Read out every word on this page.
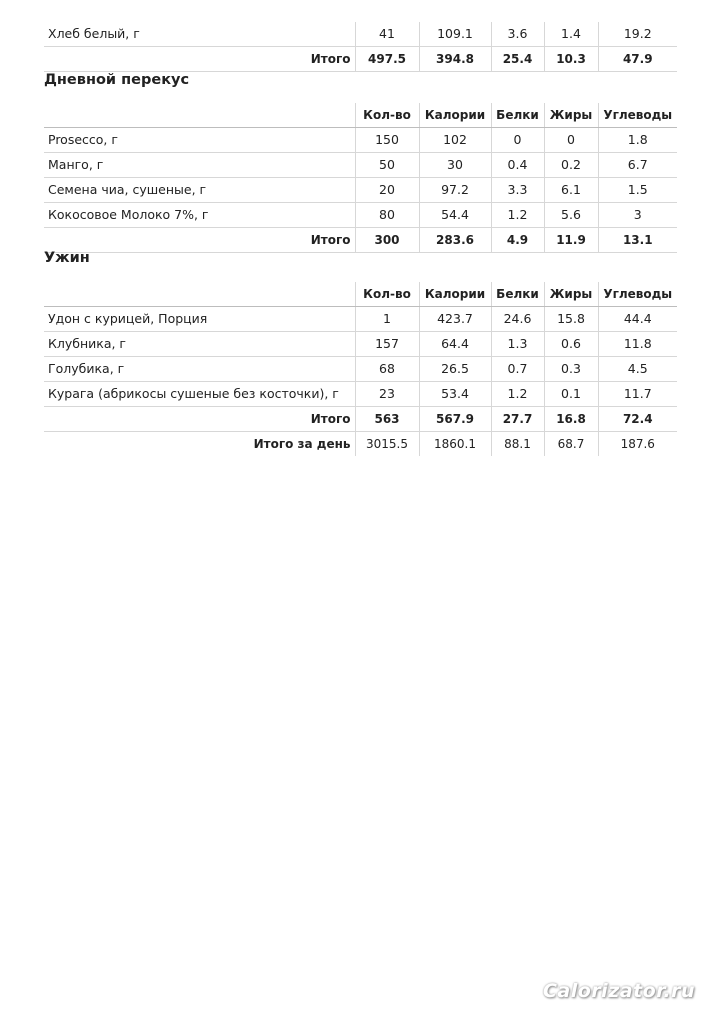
Хлеб белый, г	41	109.1	3.6	1.4	19.2
Итого	497.5	394.8	25.4	10.3	47.9
Дневной перекус
	Кол-во	Калории	Белки	Жиры	Углеводы
Prosecco, г	150	102	0	0	1.8
Манго, г	50	30	0.4	0.2	6.7
Семена чиа, сушеные, г	20	97.2	3.3	6.1	1.5
Кокосовое Молоко 7%, г	80	54.4	1.2	5.6	3
Итого	300	283.6	4.9	11.9	13.1
Ужин
	Кол-во	Калории	Белки	Жиры	Углеводы
Удон с курицей, Порция	1	423.7	24.6	15.8	44.4
Клубника, г	157	64.4	1.3	0.6	11.8
Голубика, г	68	26.5	0.7	0.3	4.5
Курага (абрикосы сушеные без косточки), г	23	53.4	1.2	0.1	11.7
Итого	563	567.9	27.7	16.8	72.4
Итого за день	3015.5	1860.1	88.1	68.7	187.6
Calorizator.ru
